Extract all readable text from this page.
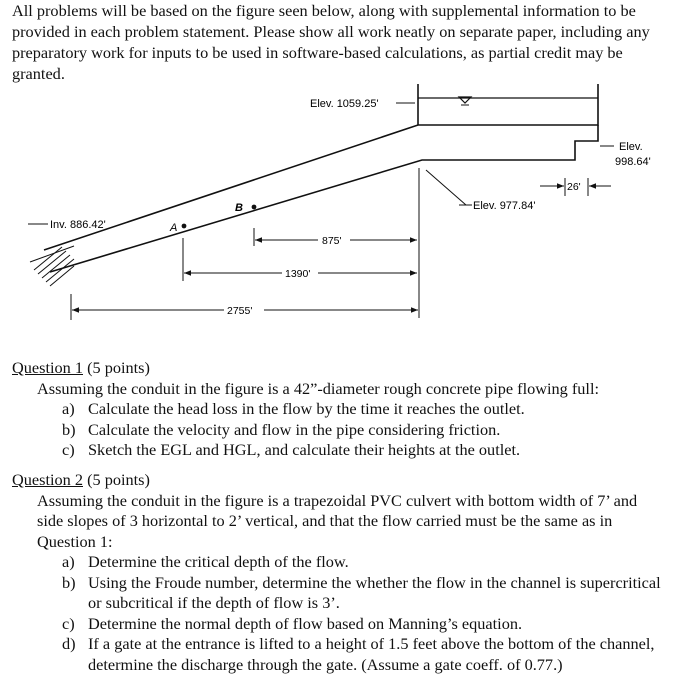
All problems will be based on the figure seen below, along with supplemental information to be provided in each problem statement. Please show all work neatly on separate paper, including any preparatory work for inputs to be used in software-based calculations, as partial credit may be granted.
Elev. 1059.25'
Elev.
998.64'
Elev. 977.84'
26'
Inv. 886.42'	A
B
875'
1390'
2755'

Question 1 (5 points)

Assuming the conduit in the figure is a 42”-diameter rough concrete pipe flowing full:

a) Calculate the head loss in the flow by the time it reaches the outlet.
b) Calculate the velocity and flow in the pipe considering friction.
c) Sketch the EGL and HGL, and calculate their heights at the outlet.

Question 2 (5 points)

Assuming the conduit in the figure is a trapezoidal PVC culvert with bottom width of 7’ and side slopes of 3 horizontal to 2’ vertical, and that the flow carried must be the same as in Question 1:

a) Determine the critical depth of the flow.
b) Using the Froude number, determine the whether the flow in the channel is supercritical or subcritical if the depth of flow is 3’.
c) Determine the normal depth of flow based on Manning’s equation.
d) If a gate at the entrance is lifted to a height of 1.5 feet above the bottom of the channel, determine the discharge through the gate. (Assume a gate coeff. of 0.77.)
